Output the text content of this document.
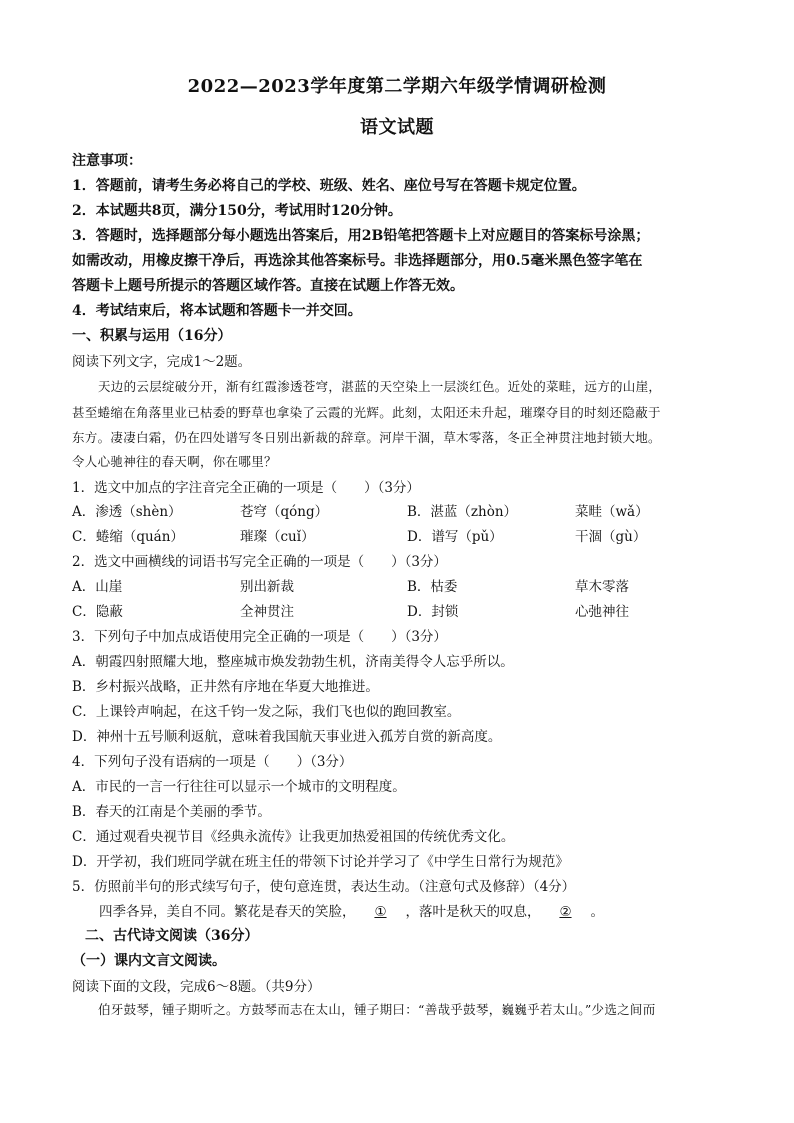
2022—2023学年度第二学期六年级学情调研检测
语文试题
注意事项：
1．答题前，请考生务必将自己的学校、班级、姓名、座位号写在答题卡规定位置。
2．本试题共8页，满分150分，考试用时120分钟。
3．答题时，选择题部分每小题选出答案后，用2B铅笔把答题卡上对应题目的答案标号涂黑；
如需改动，用橡皮擦干净后，再选涂其他答案标号。非选择题部分，用0.5毫米黑色签字笔在
答题卡上题号所提示的答题区域作答。直接在试题上作答无效。
4．考试结束后，将本试题和答题卡一并交回。
一、积累与运用（16分）
阅读下列文字，完成1～2题。
天边的云层绽破分开，渐有红霞渗透苍穹，湛蓝的天空染上一层淡红色。近处的菜畦，远方的山崖，
甚至蜷缩在角落里业已枯委的野草也拿染了云霞的光辉。此刻，太阳还未升起，璀璨夺目的时刻还隐蔽于
东方。凄凄白霜，仍在四处谱写冬日别出新裁的辞章。河岸干涸，草木零落，冬正全神贯注地封锁大地。
令人心驰神往的春天啊，你在哪里？
1．选文中加点的字注音完全正确的一项是（　　）（3分）
A．渗透（shèn）	苍穹（qóng）	B．湛蓝（zhòn）	菜畦（wǎ）
C．蜷缩（quán）	璀璨（cuǐ）	D．谱写（pǔ）	干涸（gù）
2．选文中画横线的词语书写完全正确的一项是（　　）（3分）
A．山崖	别出新裁	B．枯委	草木零落
C．隐蔽	全神贯注	D．封锁	心弛神往
3．下列句子中加点成语使用完全正确的一项是（　　）（3分）
A．朝霞四射照耀大地，整座城市焕发勃勃生机，济南美得令人忘乎所以。
B．乡村振兴战略，正井然有序地在华夏大地推进。
C．上课铃声响起，在这千钧一发之际，我们飞也似的跑回教室。
D．神州十五号顺利返航，意味着我国航天事业进入孤芳自赏的新高度。
4．下列句子没有语病的一项是（　　）（3分）
A．市民的一言一行往往可以显示一个城市的文明程度。
B．春天的江南是个美丽的季节。
C．通过观看央视节目《经典永流传》让我更加热爱祖国的传统优秀文化。
D．开学初，我们班同学就在班主任的带领下讨论并学习了《中学生日常行为规范》
5．仿照前半句的形式续写句子，使句意连贯，表达生动。（注意句式及修辞）（4分）
四季各异，美自不同。繁花是春天的笑脸， ① ，落叶是秋天的叹息， ② 。
二、古代诗文阅读（36分）
（一）课内文言文阅读。
阅读下面的文段，完成6～8题。（共9分）
伯牙鼓琴，锺子期听之。方鼓琴而志在太山，锺子期曰：“善哉乎鼓琴，巍巍乎若太山。”少选之间而
